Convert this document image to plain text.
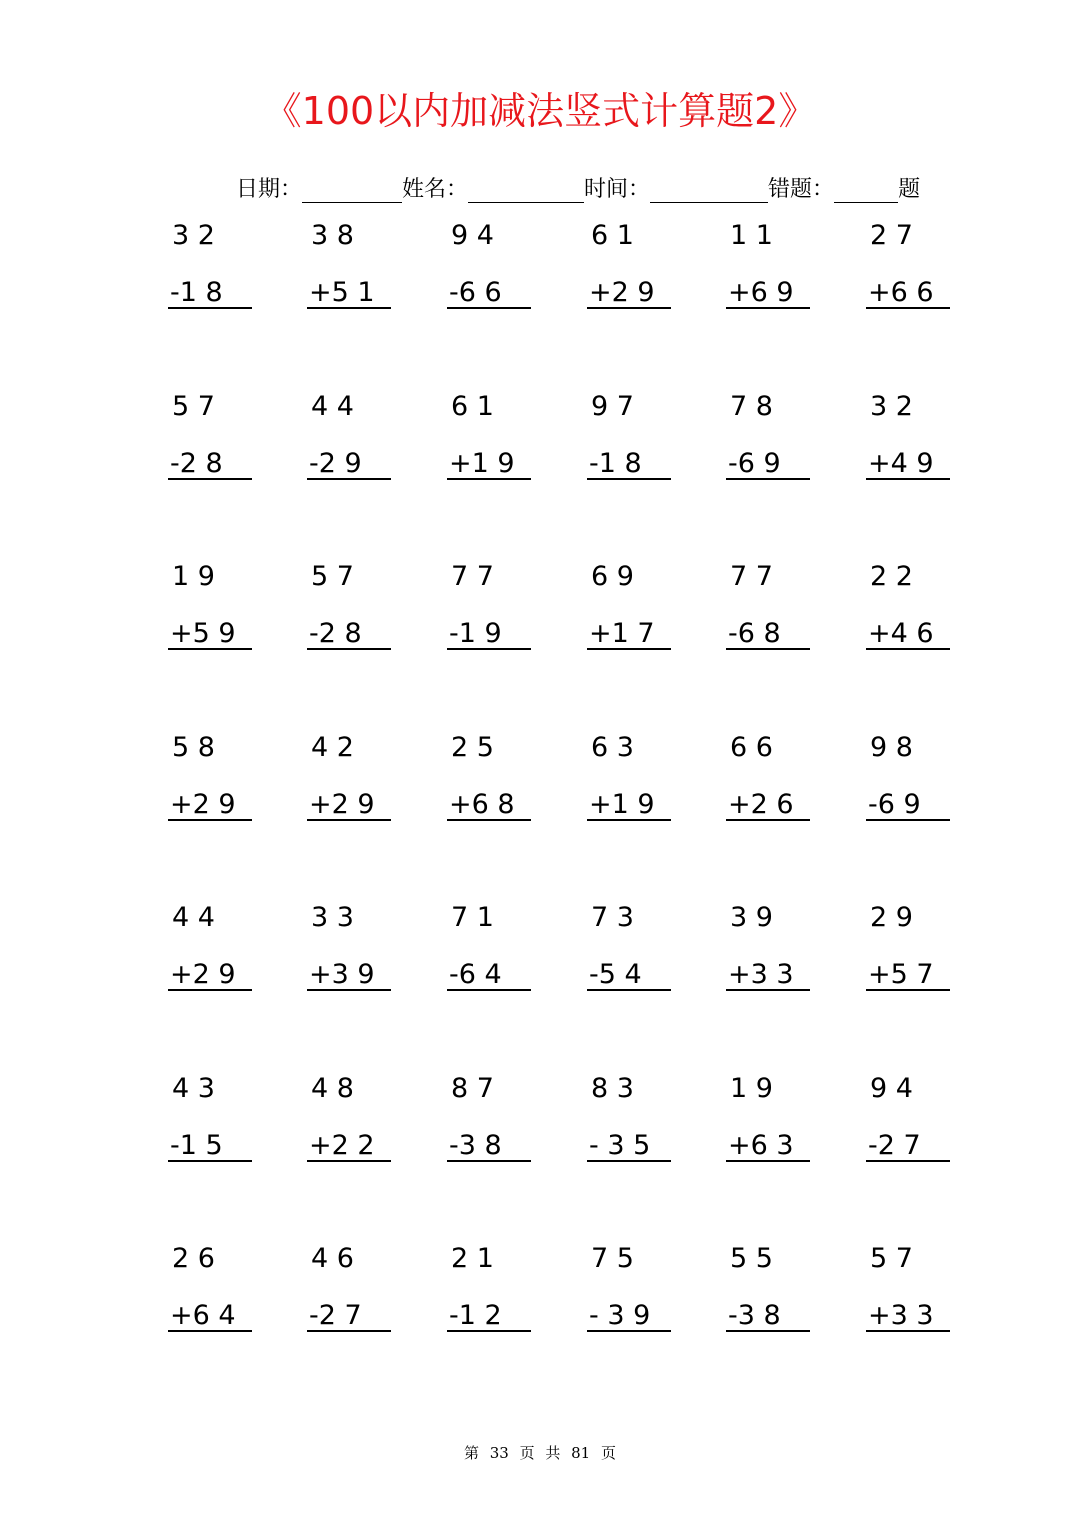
《100以内加减法竖式计算题2》
日期：	姓名：	时间：	错题：	题
3 2
-1 8
3 8
+5 1
9 4
-6 6
6 1
+2 9
1 1
+6 9
2 7
+6 6
5 7
-2 8
4 4
-2 9
6 1
+1 9
9 7
-1 8
7 8
-6 9
3 2
+4 9
1 9
+5 9
5 7
-2 8
7 7
-1 9
6 9
+1 7
7 7
-6 8
2 2
+4 6
5 8
+2 9
4 2
+2 9
2 5
+6 8
6 3
+1 9
6 6
+2 6
9 8
-6 9
4 4
+2 9
3 3
+3 9
7 1
-6 4
7 3
-5 4
3 9
+3 3
2 9
+5 7
4 3
-1 5
4 8
+2 2
8 7
-3 8
8 3
- 3 5
1 9
+6 3
9 4
-2 7
2 6
+6 4
4 6
-2 7
2 1
-1 2
7 5
- 3 9
5 5
-3 8
5 7
+3 3
第 33 页 共 81 页
